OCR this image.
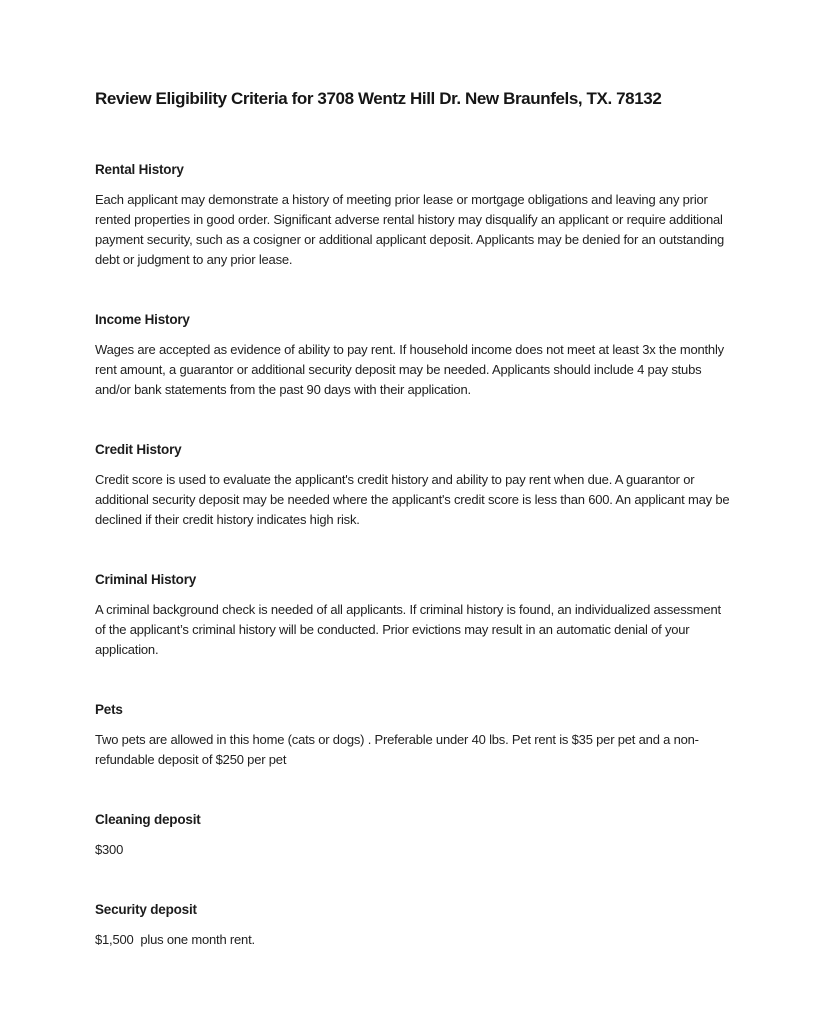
Review Eligibility Criteria for 3708 Wentz Hill Dr. New Braunfels, TX. 78132
Rental History

Each applicant may demonstrate a history of meeting prior lease or mortgage obligations and leaving any prior rented properties in good order. Significant adverse rental history may disqualify an applicant or require additional payment security, such as a cosigner or additional applicant deposit. Applicants may be denied for an outstanding debt or judgment to any prior lease.

Income History

Wages are accepted as evidence of ability to pay rent. If household income does not meet at least 3x the monthly rent amount, a guarantor or additional security deposit may be needed. Applicants should include 4 pay stubs and/or bank statements from the past 90 days with their application.

Credit History

Credit score is used to evaluate the applicant's credit history and ability to pay rent when due. A guarantor or additional security deposit may be needed where the applicant's credit score is less than 600. An applicant may be declined if their credit history indicates high risk.

Criminal History

A criminal background check is needed of all applicants. If criminal history is found, an individualized assessment of the applicant’s criminal history will be conducted. Prior evictions may result in an automatic denial of your application.

Pets

Two pets are allowed in this home (cats or dogs) . Preferable under 40 lbs. Pet rent is $35 per pet and a non-refundable deposit of $250 per pet

Cleaning deposit

$300

Security deposit

$1,500  plus one month rent.
